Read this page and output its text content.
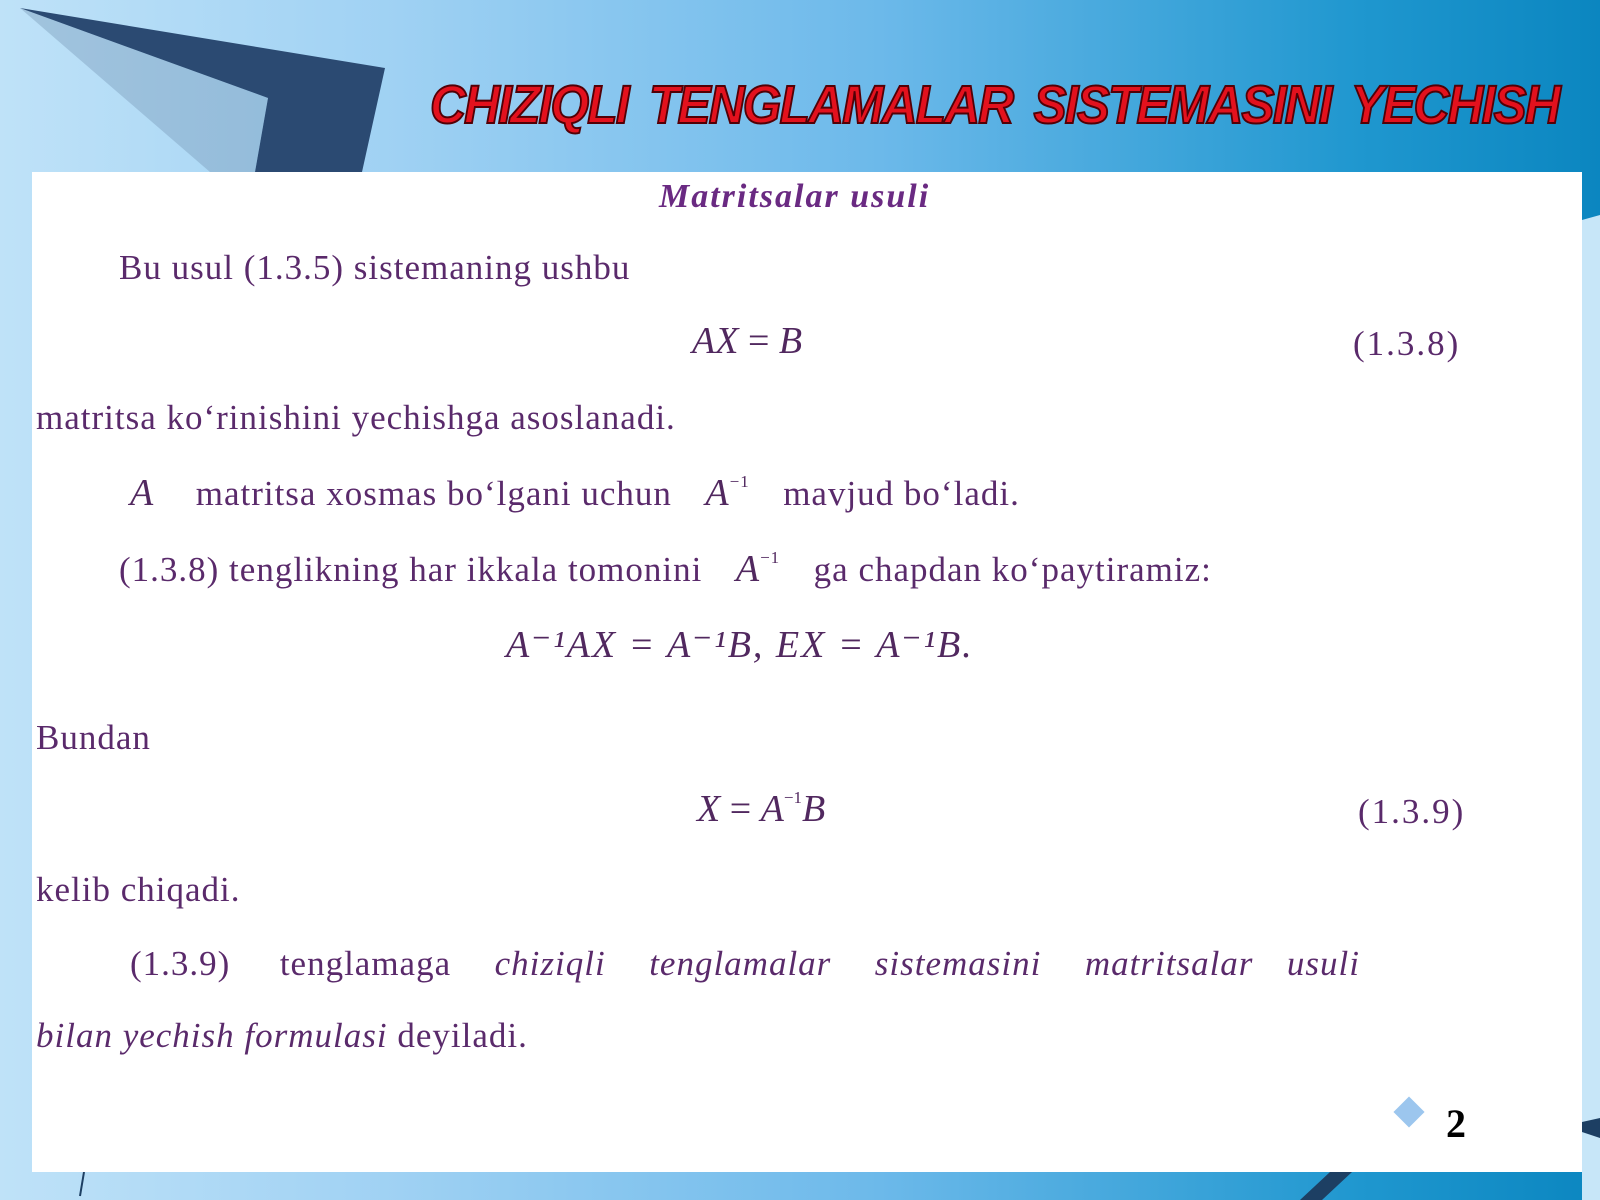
CHIZIQLI TENGLAMALAR SISTEMASINI YECHISH
Matritsalar usuli
Bu usul (1.3.5) sistemaning ushbu
AX = B	(1.3.8)
matritsa ko‘rinishini yechishga asoslanadi.
A matritsa xosmas bo‘lgani uchun $A^{-1}$ mavjud bo‘ladi.
(1.3.8) tenglikning har ikkala tomonini $A^{-1}$ ga chapdan ko‘paytiramiz:
A⁻¹AX = A⁻¹B, EX = A⁻¹B.
Bundan
$X = A^{-1}B$	(1.3.9)
kelib chiqadi.
(1.3.9) tenglamaga chiziqli tenglamalar sistemasini matritsalar usuli
bilan yechish formulasi deyiladi.
2
